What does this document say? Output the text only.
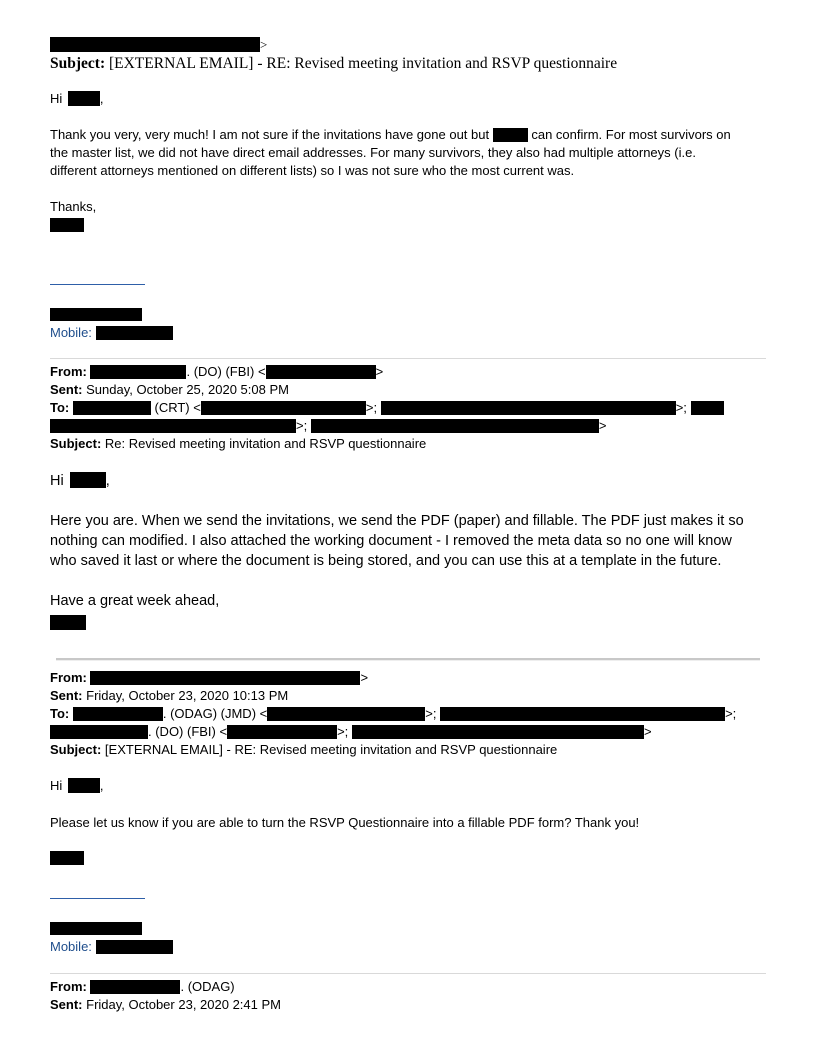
>
Subject: [EXTERNAL EMAIL] - RE: Revised meeting invitation and RSVP questionnaire
Hi	,
Thank you very, very much! I am not sure if the invitations have gone out but	can confirm. For most survivors on
the master list, we did not have direct email addresses. For many survivors, they also had multiple attorneys (i.e.
different attorneys mentioned on different lists) so I was not sure who the most current was.
Thanks,
Mobile:
From:	. (DO) (FBI) <	>
Sent: Sunday, October 25, 2020 5:08 PM
To:	(CRT) <	>;	>;
>;	>
Subject: Re: Revised meeting invitation and RSVP questionnaire
Hi	,
Here you are. When we send the invitations, we send the PDF (paper) and fillable. The PDF just makes it so
nothing can modified. I also attached the working document - I removed the meta data so no one will know
who saved it last or where the document is being stored, and you can use this at a template in the future.
Have a great week ahead,
From:	>
Sent: Friday, October 23, 2020 10:13 PM
To:	. (ODAG) (JMD) <	>;	>;
. (DO) (FBI) <	>;	>
Subject: [EXTERNAL EMAIL] - RE: Revised meeting invitation and RSVP questionnaire
Hi	,
Please let us know if you are able to turn the RSVP Questionnaire into a fillable PDF form? Thank you!
Mobile:
From:	. (ODAG)
Sent: Friday, October 23, 2020 2:41 PM
